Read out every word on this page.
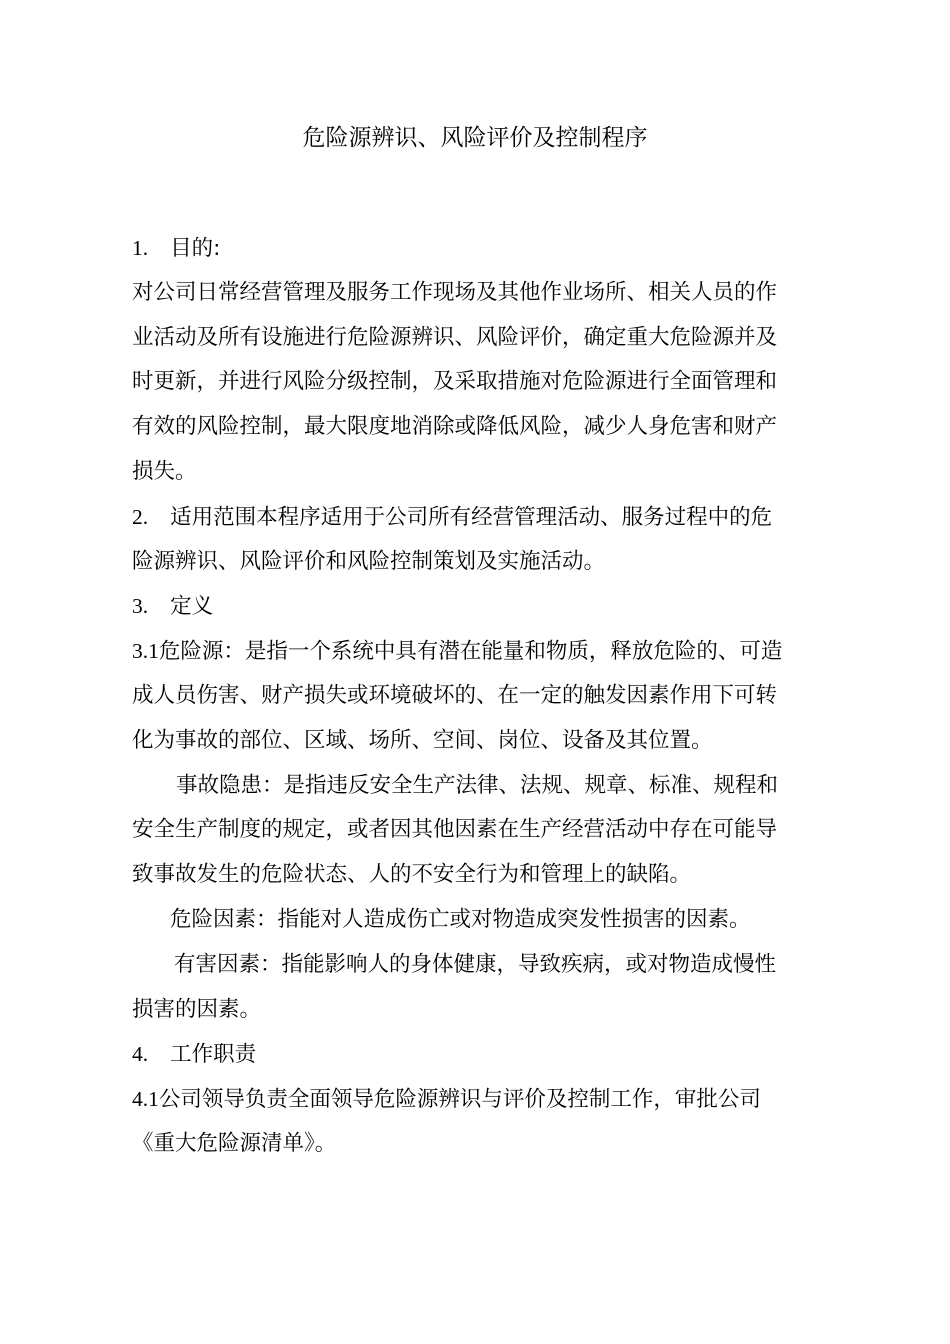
危险源辨识、风险评价及控制程序
1. 目的:
对公司日常经营管理及服务工作现场及其他作业场所、相关人员的作
业活动及所有设施进行危险源辨识、风险评价，确定重大危险源并及
时更新，并进行风险分级控制，及采取措施对危险源进行全面管理和
有效的风险控制，最大限度地消除或降低风险，减少人身危害和财产
损失。
2. 适用范围本程序适用于公司所有经营管理活动、服务过程中的危
险源辨识、风险评价和风险控制策划及实施活动。
3. 定义
3.1危险源：是指一个系统中具有潜在能量和物质，释放危险的、可造
成人员伤害、财产损失或环境破坏的、在一定的触发因素作用下可转
化为事故的部位、区域、场所、空间、岗位、设备及其位置。
事故隐患：是指违反安全生产法律、法规、规章、标准、规程和
安全生产制度的规定，或者因其他因素在生产经营活动中存在可能导
致事故发生的危险状态、人的不安全行为和管理上的缺陷。
危险因素：指能对人造成伤亡或对物造成突发性损害的因素。
有害因素：指能影响人的身体健康，导致疾病，或对物造成慢性
损害的因素。
4. 工作职责
4.1公司领导负责全面领导危险源辨识与评价及控制工作，审批公司
《重大危险源清单》。
